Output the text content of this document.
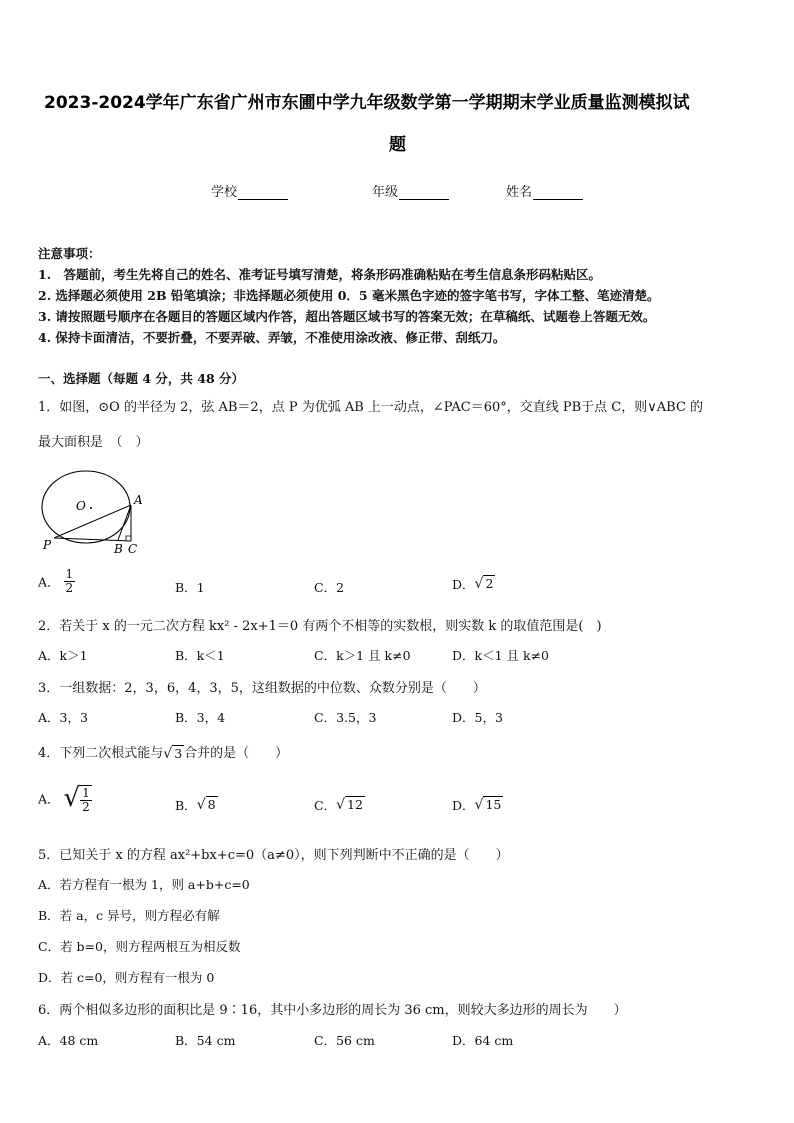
2023-2024学年广东省广州市东圃中学九年级数学第一学期期末学业质量监测模拟试
题
学校	年级	姓名
注意事项：
1.　答题前，考生先将自己的姓名、准考证号填写清楚，将条形码准确粘贴在考生信息条形码粘贴区。
2. 选择题必须使用 2B 铅笔填涂；非选择题必须使用 0．5 毫米黑色字迹的签字笔书写，字体工整、笔迹清楚。
3. 请按照题号顺序在各题目的答题区域内作答，超出答题区域书写的答案无效；在草稿纸、试题卷上答题无效。
4. 保持卡面清洁，不要折叠，不要弄破、弄皱，不准使用涂改液、修正带、刮纸刀。
一、选择题（每题 4 分，共 48 分）
1．如图，⊙O 的半径为 2，弦 AB＝2，点 P 为优弧 AB 上一动点，∠PAC＝60°，交直线 PB于点 C，则∨ABC 的
最大面积是　（　）
O	A
P	B C
A． $\frac{1}{2}$	B．1	C．2	D．√ 2
2．若关于 x 的一元二次方程 kx² - 2x+1＝0 有两个不相等的实数根，则实数 k 的取值范围是(　)
A．k＞1	B．k＜1	C．k＞1 且 k≠0	D．k＜1 且 k≠0
3．一组数据：2，3，6，4，3，5，这组数据的中位数、众数分别是（　　）
A．3，3	B．3，4	C．3.5，3	D．5，3
4．下列二次根式能与√ 3 合并的是（　　）
A． √ $\frac{1}{2}$	B．√ 8	C．√ 12	D．√ 15
5．已知关于 x 的方程 ax²+bx+c=0（a≠0），则下列判断中不正确的是（　　）
A．若方程有一根为 1，则 a+b+c=0
B．若 a，c 异号，则方程必有解
C．若 b=0，则方程两根互为相反数
D．若 c=0，则方程有一根为 0
6．两个相似多边形的面积比是 9∶16，其中小多边形的周长为 36 cm，则较大多边形的周长为　　）
A．48 cm	B．54 cm	C．56 cm	D．64 cm
